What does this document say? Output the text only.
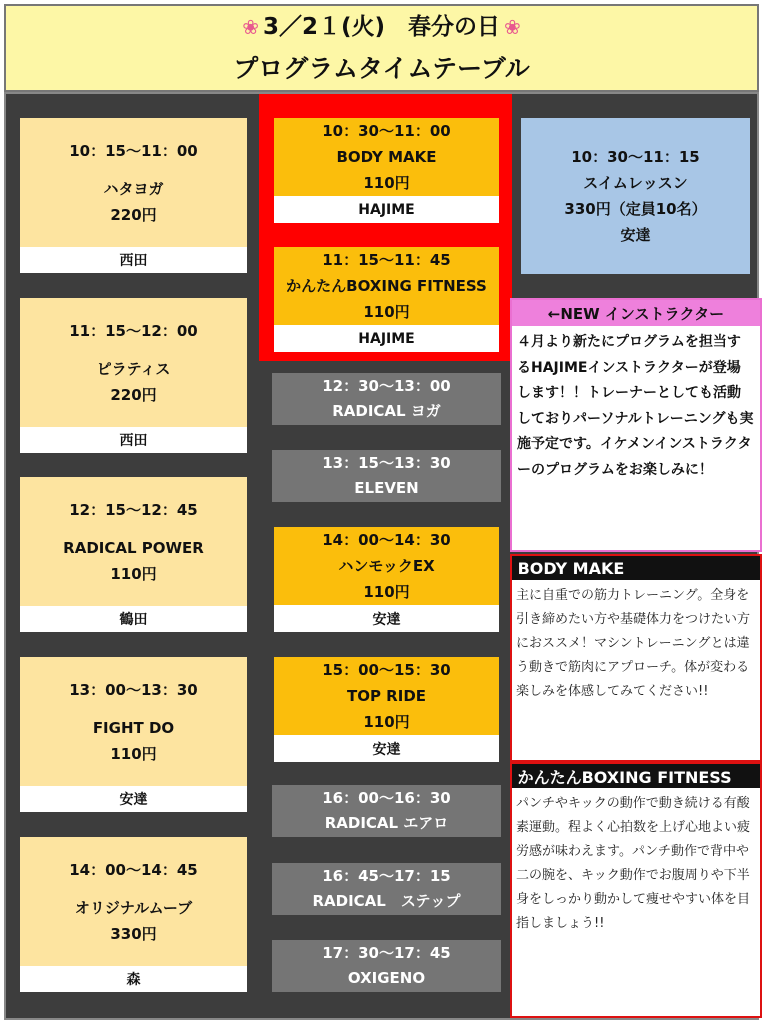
❀ 3／2１(火)　春分の日 ❀
プログラムタイムテーブル
10：15〜11：00
ハタヨガ
220円
西田
11：15〜12：00
ピラティス
220円
西田
12：15〜12：45
RADICAL POWER
110円
鶴田
13：00〜13：30
FIGHT DO
110円
安達
14：00〜14：45
オリジナルムーブ
330円
森
10：30〜11：00
BODY MAKE
110円
HAJIME
11：15〜11：45
かんたんBOXING FITNESS
110円
HAJIME
12：30〜13：00
RADICAL ヨガ
13：15〜13：30
ELEVEN
14：00〜14：30
ハンモックEX
110円
安達
15：00〜15：30
TOP RIDE
110円
安達
16：00〜16：30
RADICAL エアロ
16：45〜17：15
RADICAL　ステップ
17：30〜17：45
OXIGENO
10：30〜11：15
スイムレッスン
330円（定員10名）
安達
←NEW インストラクター
４月より新たにプログラムを担当するHAJIMEインストラクターが登場します！！トレーナーとしても活動しておりパーソナルトレーニングも実施予定です。イケメンインストラクターのプログラムをお楽しみに！

BODY MAKE
主に自重での筋力トレーニング。全身を引き締めたい方や基礎体力をつけたい方におススメ！マシントレーニングとは違う動きで筋肉にアプローチ。体が変わる楽しみを体感してみてください!!

かんたんBOXING FITNESS
パンチやキックの動作で動き続ける有酸素運動。程よく心拍数を上げ心地よい疲労感が味わえます。パンチ動作で背中や二の腕を、キック動作でお腹周りや下半身をしっかり動かして痩せやすい体を目指しましょう!!
